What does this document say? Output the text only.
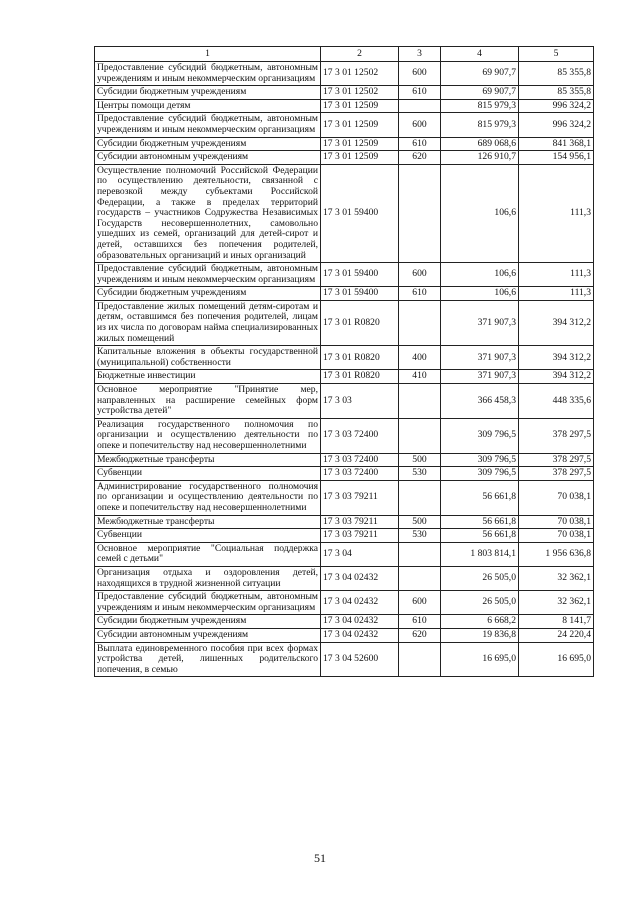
1	2	3	4	5
Предоставление субсидий бюджетным, автономным учреждениям и иным некоммерческим организациям	17 3 01 12502	600	69 907,7	85 355,8
Субсидии бюджетным учреждениям	17 3 01 12502	610	69 907,7	85 355,8
Центры помощи детям	17 3 01 12509		815 979,3	996 324,2
Предоставление субсидий бюджетным, автономным учреждениям и иным некоммерческим организациям	17 3 01 12509	600	815 979,3	996 324,2
Субсидии бюджетным учреждениям	17 3 01 12509	610	689 068,6	841 368,1
Субсидии автономным учреждениям	17 3 01 12509	620	126 910,7	154 956,1
Осуществление полномочий Российской Федерации по осуществлению деятельности, связанной с перевозкой между субъектами Российской Федерации, а также в пределах территорий государств – участников Содружества Независимых Государств несовершеннолетних, самовольно ушедших из семей, организаций для детей-сирот и детей, оставшихся без попечения родителей, образовательных организаций и иных организаций	17 3 01 59400		106,6	111,3
Предоставление субсидий бюджетным, автономным учреждениям и иным некоммерческим организациям	17 3 01 59400	600	106,6	111,3
Субсидии бюджетным учреждениям	17 3 01 59400	610	106,6	111,3
Предоставление жилых помещений детям-сиротам и детям, оставшимся без попечения родителей, лицам из их числа по договорам найма специализированных жилых помещений	17 3 01 R0820		371 907,3	394 312,2
Капитальные вложения в объекты государственной (муниципальной) собственности	17 3 01 R0820	400	371 907,3	394 312,2
Бюджетные инвестиции	17 3 01 R0820	410	371 907,3	394 312,2
Основное мероприятие "Принятие мер, направленных на расширение семейных форм устройства детей"	17 3 03		366 458,3	448 335,6
Реализация государственного полномочия по организации и осуществлению деятельности по опеке и попечительству над несовершеннолетними	17 3 03 72400		309 796,5	378 297,5
Межбюджетные трансферты	17 3 03 72400	500	309 796,5	378 297,5
Субвенции	17 3 03 72400	530	309 796,5	378 297,5
Администрирование государственного полномочия по организации и осуществлению деятельности по опеке и попечительству над несовершеннолетними	17 3 03 79211		56 661,8	70 038,1
Межбюджетные трансферты	17 3 03 79211	500	56 661,8	70 038,1
Субвенции	17 3 03 79211	530	56 661,8	70 038,1
Основное мероприятие "Социальная поддержка семей с детьми"	17 3 04		1 803 814,1	1 956 636,8
Организация отдыха и оздоровления детей, находящихся в трудной жизненной ситуации	17 3 04 02432		26 505,0	32 362,1
Предоставление субсидий бюджетным, автономным учреждениям и иным некоммерческим организациям	17 3 04 02432	600	26 505,0	32 362,1
Субсидии бюджетным учреждениям	17 3 04 02432	610	6 668,2	8 141,7
Субсидии автономным учреждениям	17 3 04 02432	620	19 836,8	24 220,4
Выплата единовременного пособия при всех формах устройства детей, лишенных родительского попечения, в семью	17 3 04 52600		16 695,0	16 695,0
51
